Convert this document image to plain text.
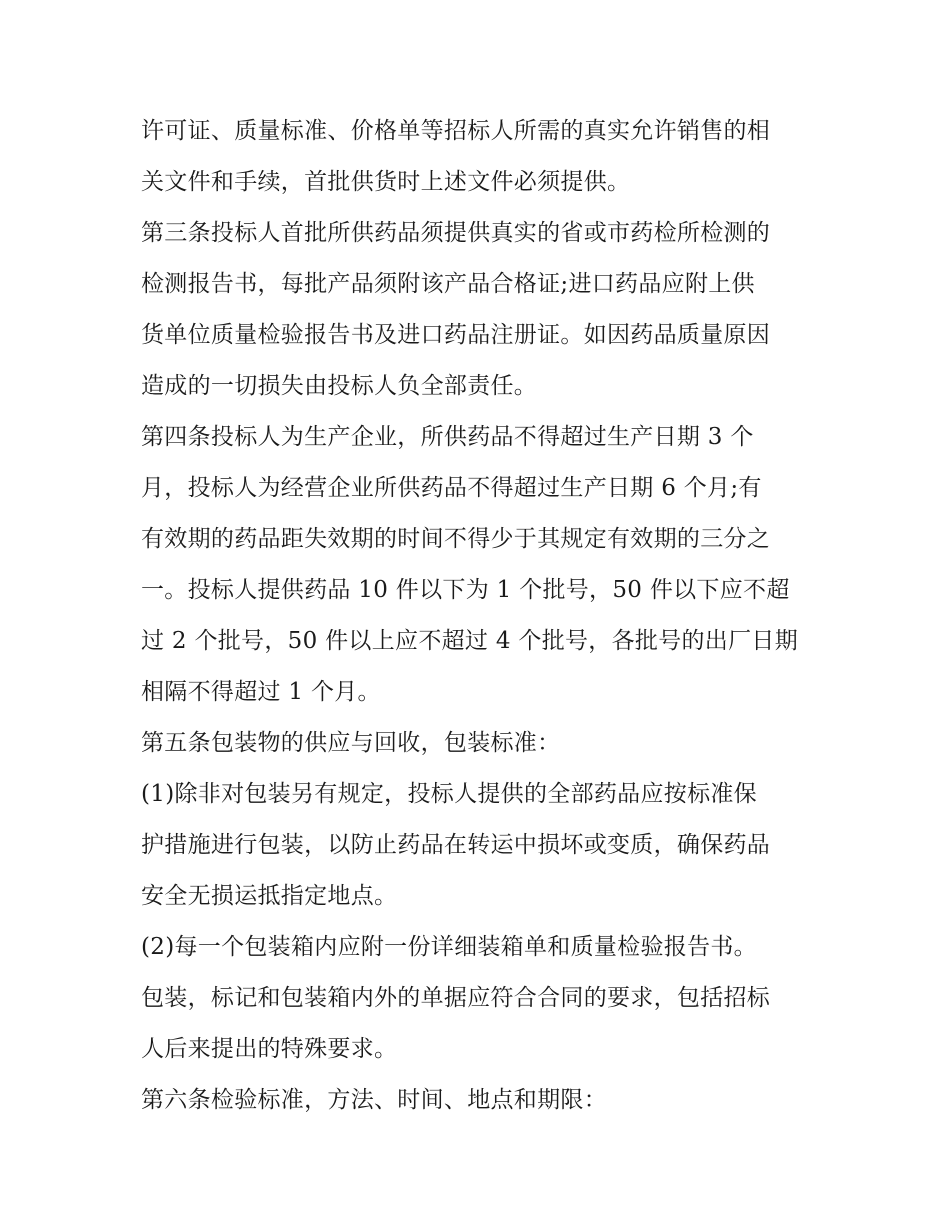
许可证、质量标准、价格单等招标人所需的真实允许销售的相
关文件和手续，首批供货时上述文件必须提供。
第三条投标人首批所供药品须提供真实的省或市药检所检测的
检测报告书，每批产品须附该产品合格证;进口药品应附上供
货单位质量检验报告书及进口药品注册证。如因药品质量原因
造成的一切损失由投标人负全部责任。
第四条投标人为生产企业，所供药品不得超过生产日期 3 个
月，投标人为经营企业所供药品不得超过生产日期 6 个月;有
有效期的药品距失效期的时间不得少于其规定有效期的三分之
一。投标人提供药品 10 件以下为 1 个批号，50 件以下应不超
过 2 个批号，50 件以上应不超过 4 个批号，各批号的出厂日期
相隔不得超过 1 个月。
第五条包装物的供应与回收，包装标准：
(1)除非对包装另有规定，投标人提供的全部药品应按标准保
护措施进行包装，以防止药品在转运中损坏或变质，确保药品
安全无损运抵指定地点。
(2)每一个包装箱内应附一份详细装箱单和质量检验报告书。
包装，标记和包装箱内外的单据应符合合同的要求，包括招标
人后来提出的特殊要求。
第六条检验标准，方法、时间、地点和期限：
